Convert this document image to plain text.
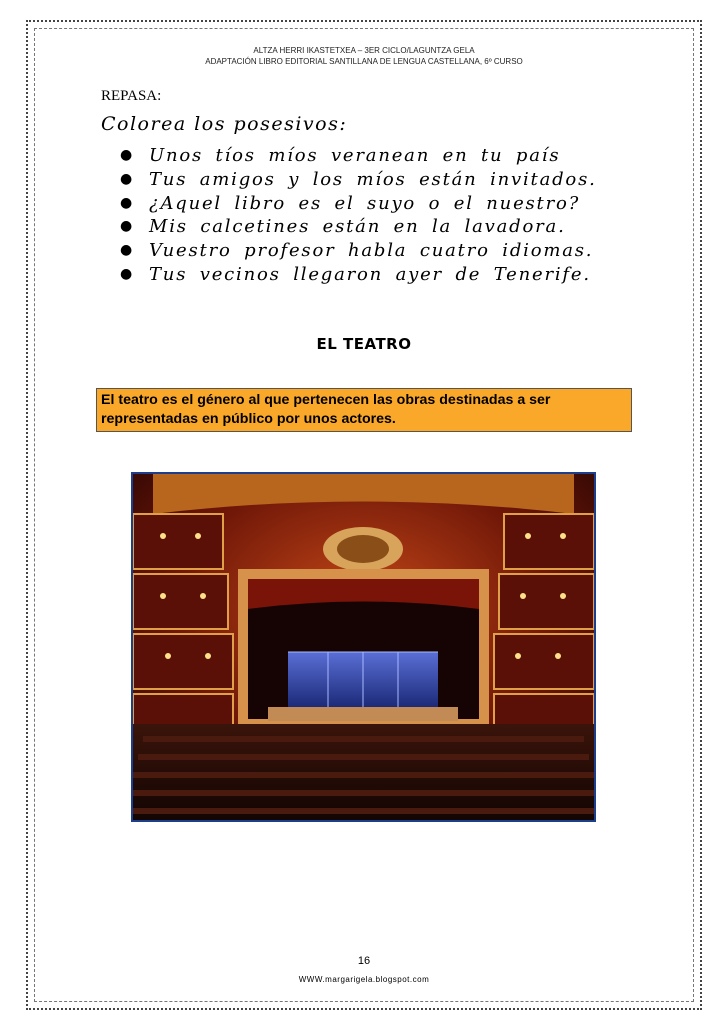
ALTZA HERRI IKASTETXEA – 3ER CICLO/LAGUNTZA GELA
ADAPTACIÓN LIBRO EDITORIAL SANTILLANA DE LENGUA CASTELLANA, 6º CURSO
REPASA:
Colorea los posesivos:
● Unos tíos míos veranean en tu país
● Tus amigos y los míos están invitados.
● ¿Aquel libro es el suyo o el nuestro?
● Mis calcetines están en la lavadora.
● Vuestro profesor habla cuatro idiomas.
● Tus vecinos llegaron ayer de Tenerife.
EL TEATRO
El teatro es el género al que pertenecen las obras destinadas a ser representadas en público por unos actores.
16
WWW.margarigela.blogspot.com
